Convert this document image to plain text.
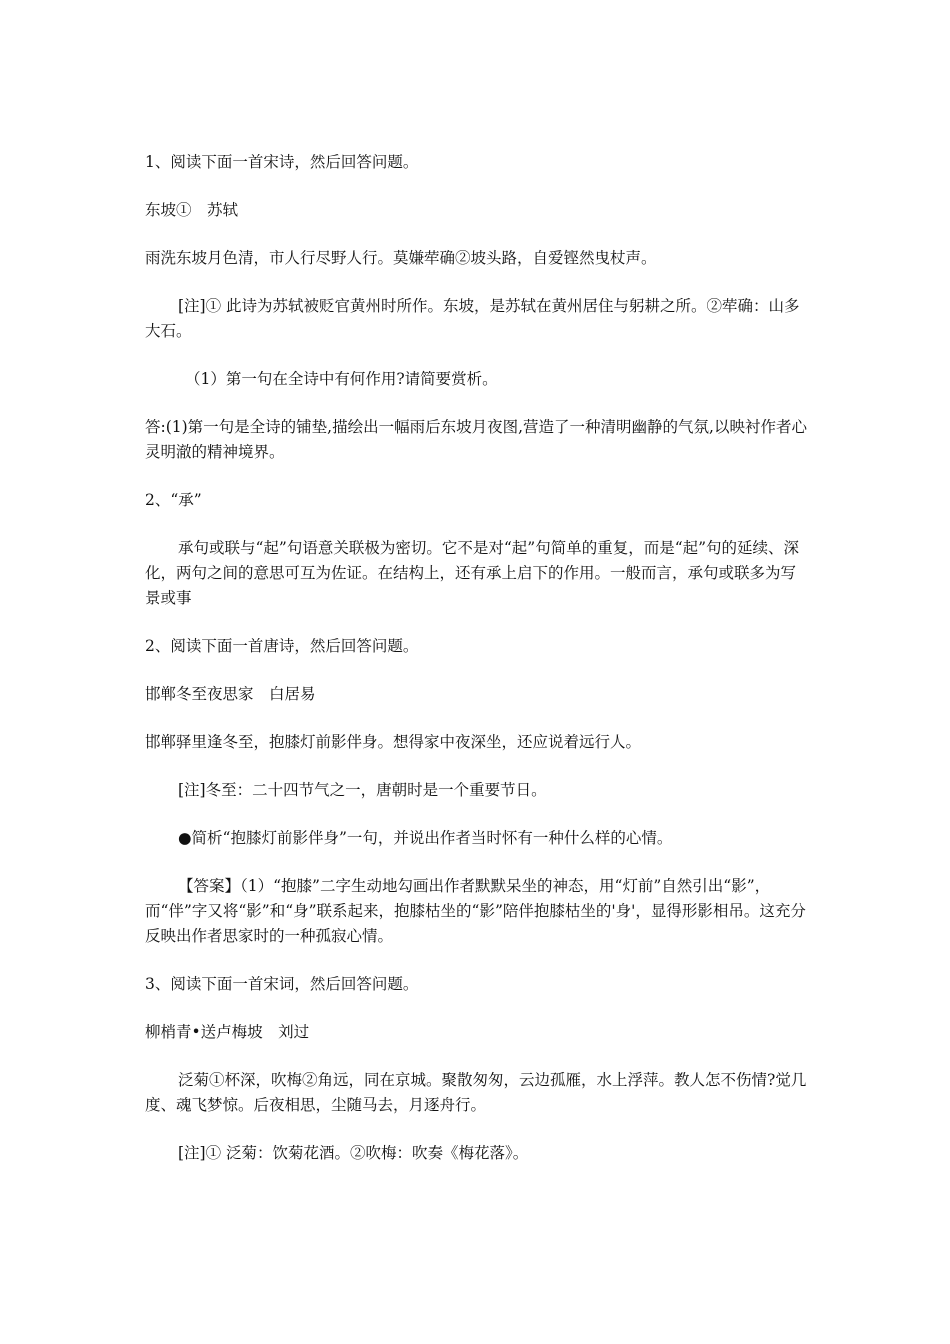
1、阅读下面一首宋诗，然后回答问题。

东坡①　苏轼

雨洗东坡月色清，市人行尽野人行。莫嫌荦确②坡头路，自爱铿然曳杖声。

[注]① 此诗为苏轼被贬官黄州时所作。东坡，是苏轼在黄州居住与躬耕之所。②荦确：山多大石。

（1）第一句在全诗中有何作用?请简要赏析。

答:(1)第一句是全诗的铺垫,描绘出一幅雨后东坡月夜图,营造了一种清明幽静的气氛,以映衬作者心灵明澈的精神境界。

2、“承”

承句或联与“起”句语意关联极为密切。它不是对“起”句简单的重复，而是“起”句的延续、深化，两句之间的意思可互为佐证。在结构上，还有承上启下的作用。一般而言，承句或联多为写景或事

2、阅读下面一首唐诗，然后回答问题。

邯郸冬至夜思家　白居易

邯郸驿里逢冬至，抱膝灯前影伴身。想得家中夜深坐，还应说着远行人。

[注]冬至：二十四节气之一，唐朝时是一个重要节日。

●简析“抱膝灯前影伴身”一句，并说出作者当时怀有一种什么样的心情。

【答案】（1）“抱膝”二字生动地勾画出作者默默呆坐的神态，用“灯前”自然引出“影”，而“伴”字又将“影”和“身”联系起来，抱膝枯坐的“影”陪伴抱膝枯坐的'身'，显得形影相吊。这充分反映出作者思家时的一种孤寂心情。

3、阅读下面一首宋词，然后回答问题。

柳梢青•送卢梅坡　刘过

泛菊①杯深，吹梅②角远，同在京城。聚散匆匆，云边孤雁，水上浮萍。教人怎不伤情?觉几度、魂飞梦惊。后夜相思，尘随马去，月逐舟行。

[注]① 泛菊：饮菊花酒。②吹梅：吹奏《梅花落》。
